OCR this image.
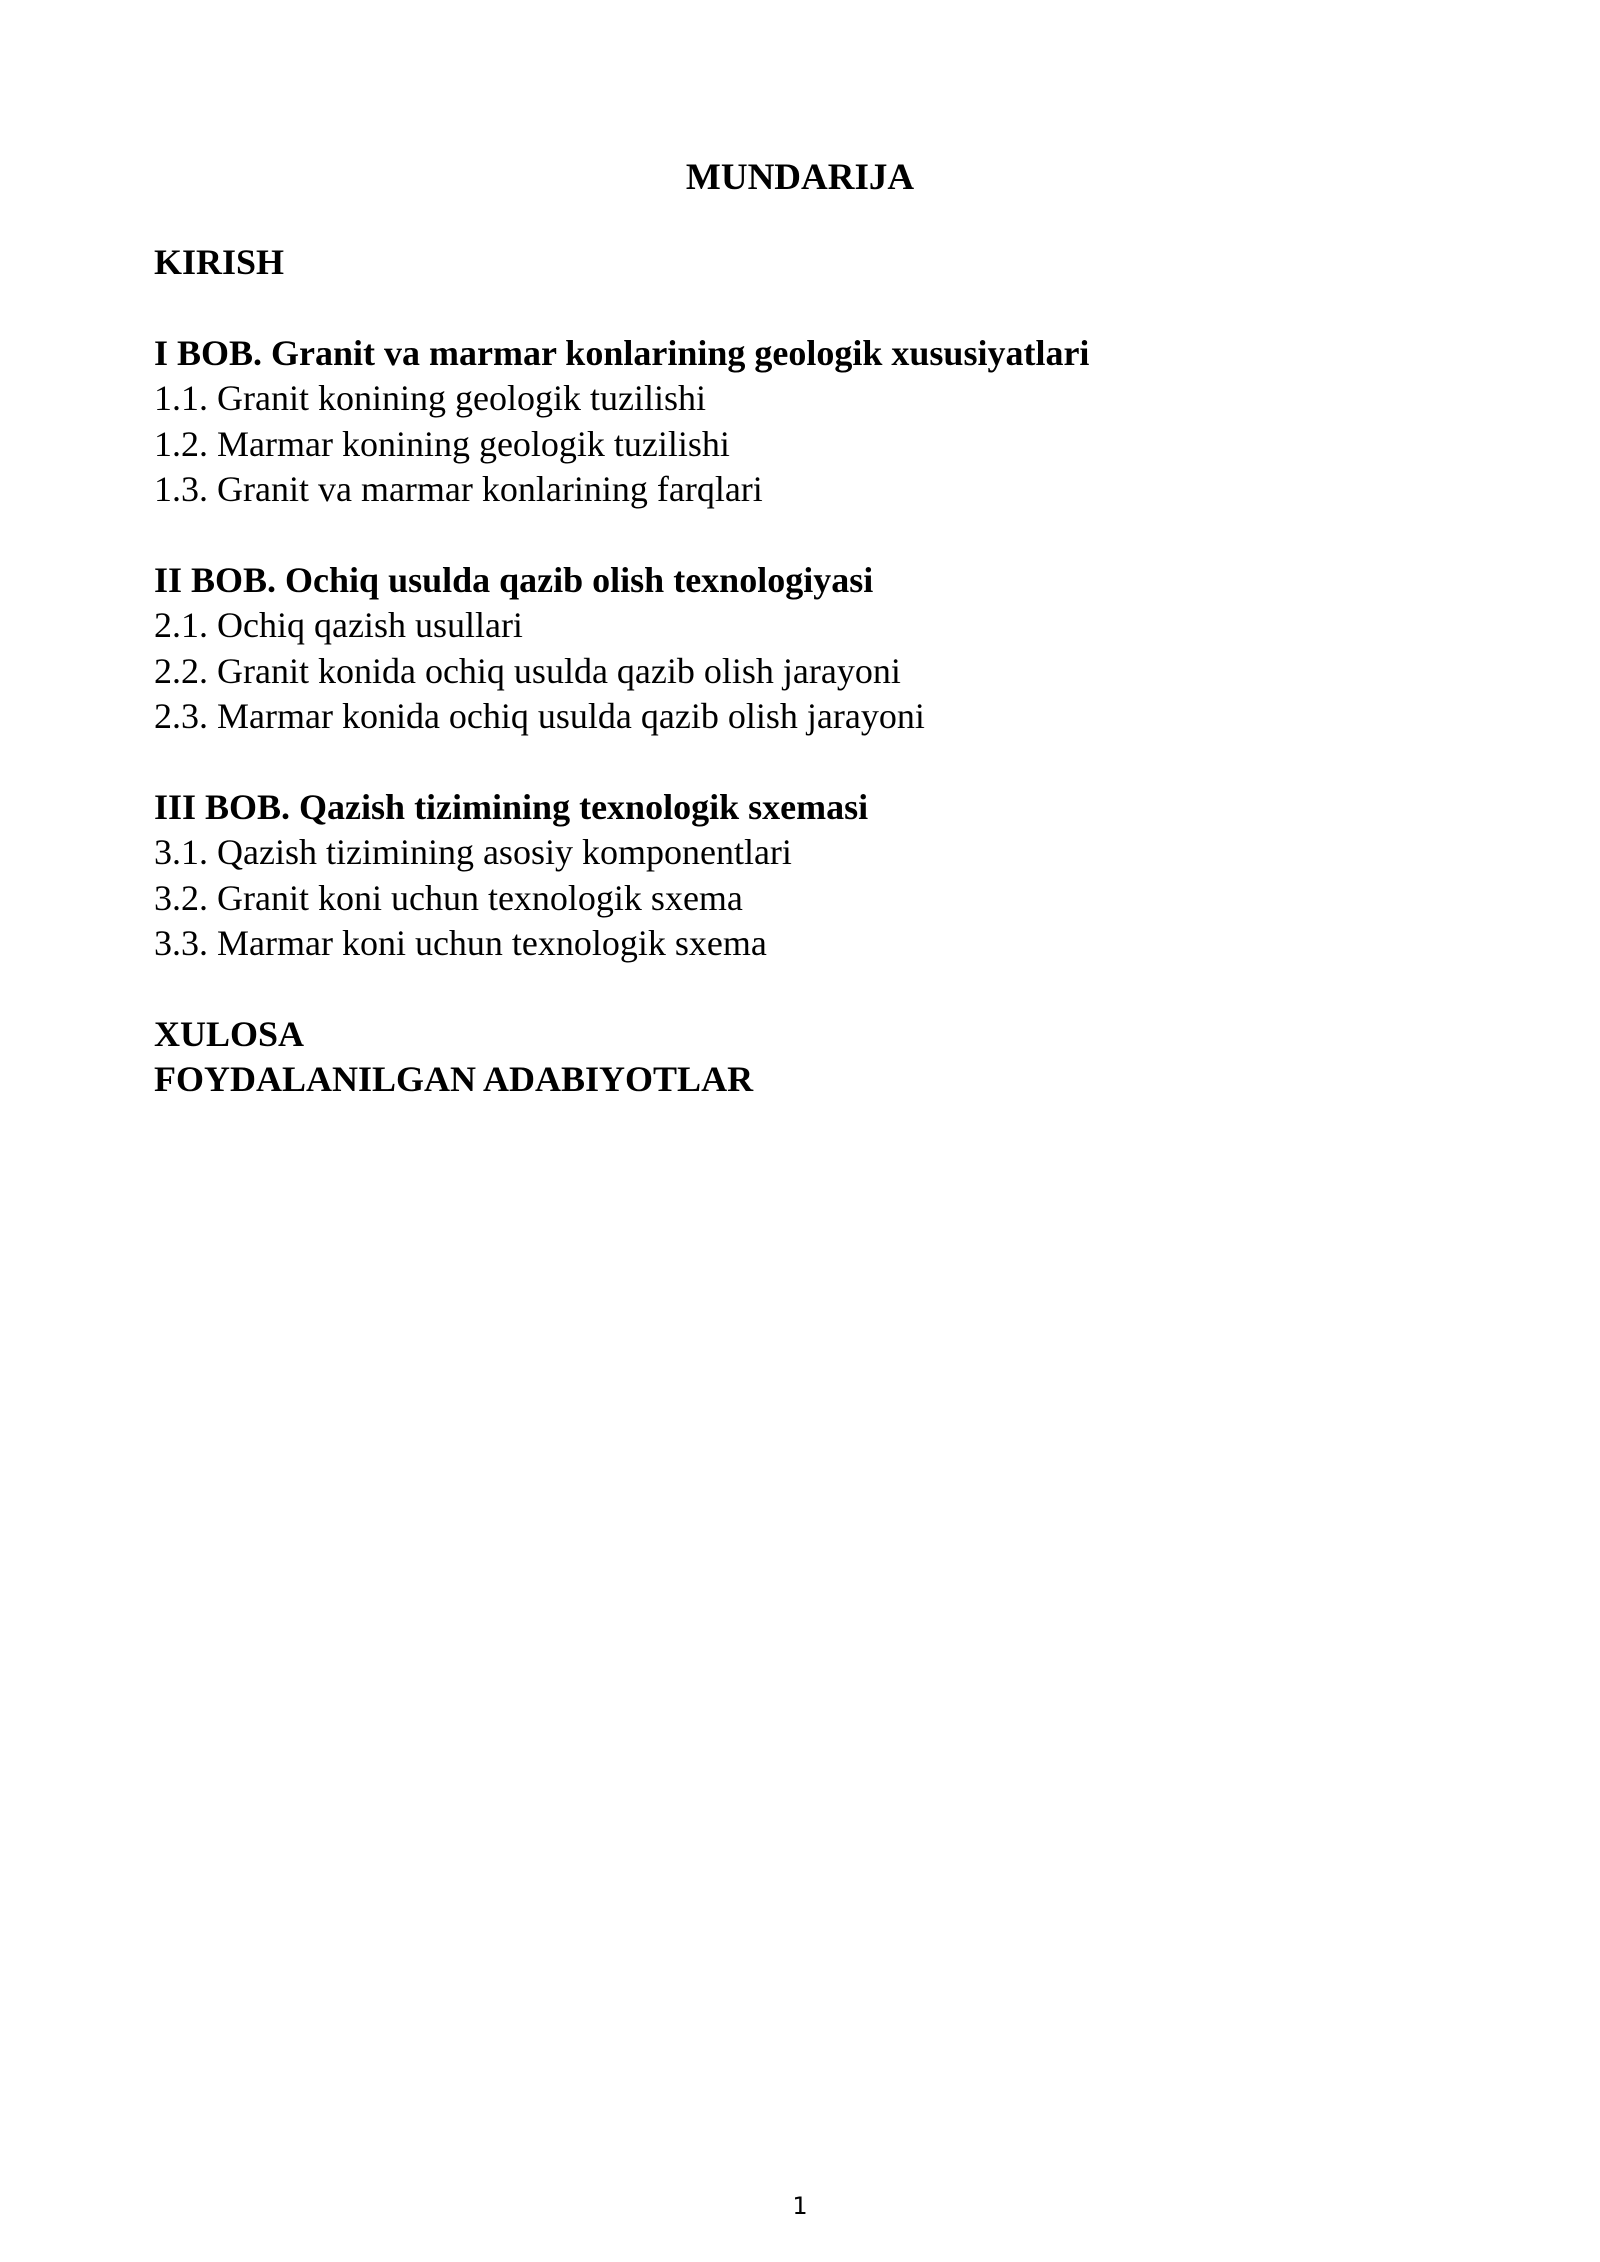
MUNDARIJA
KIRISH
I BOB. Granit va marmar konlarining geologik xususiyatlari
1.1. Granit konining geologik tuzilishi
1.2. Marmar konining geologik tuzilishi
1.3. Granit va marmar konlarining farqlari
II BOB. Ochiq usulda qazib olish texnologiyasi
2.1. Ochiq qazish usullari
2.2. Granit konida ochiq usulda qazib olish jarayoni
2.3. Marmar konida ochiq usulda qazib olish jarayoni
III BOB. Qazish tizimining texnologik sxemasi
3.1. Qazish tizimining asosiy komponentlari
3.2. Granit koni uchun texnologik sxema
3.3. Marmar koni uchun texnologik sxema
XULOSA
FOYDALANILGAN ADABIYOTLAR
1
